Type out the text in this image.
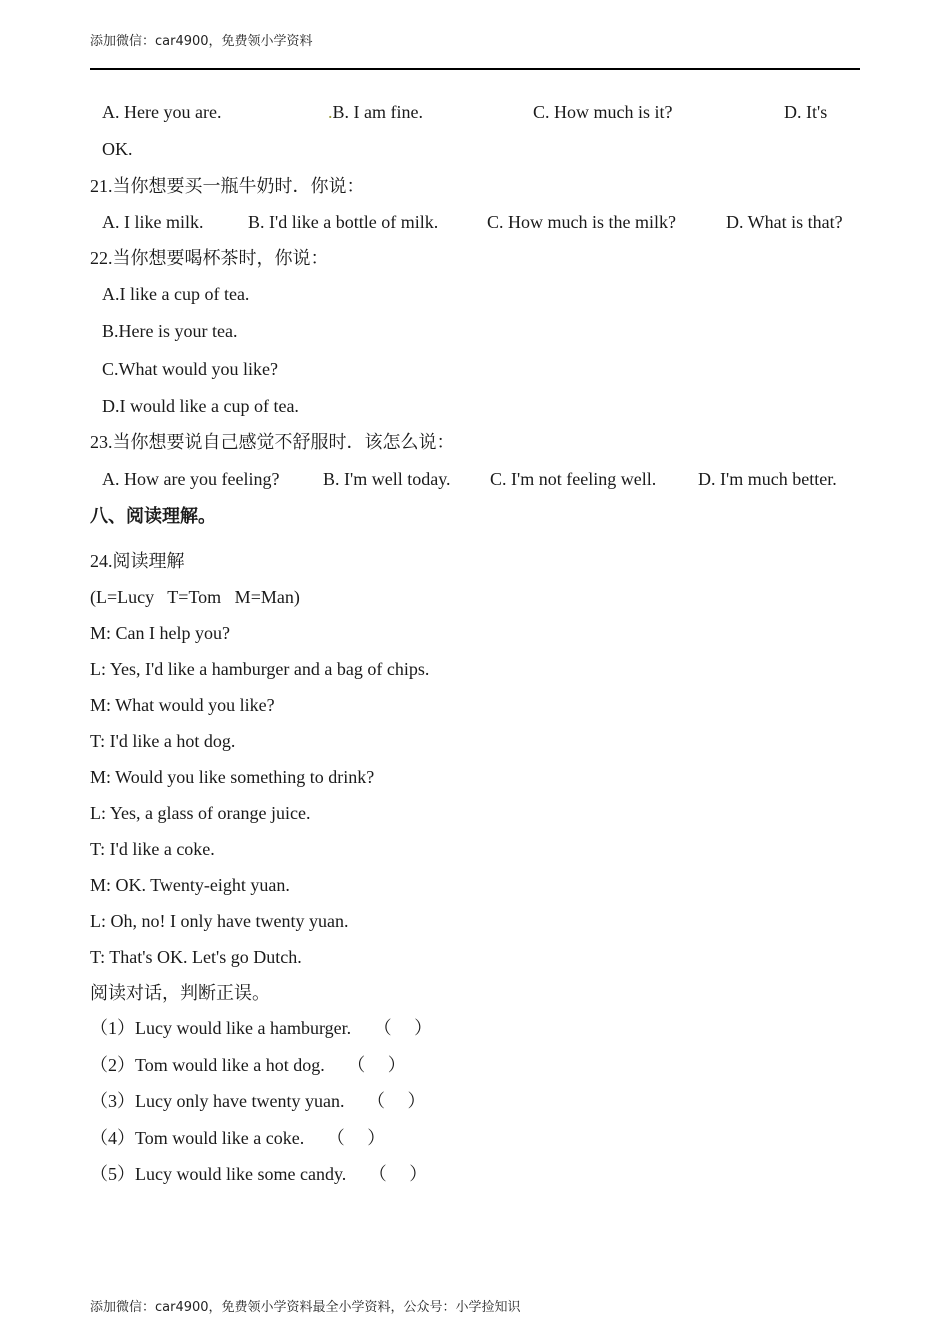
添加微信：car4900，免费领小学资料
A. Here you are.	.B. I am fine.	C. How much is it?	D. It's
OK.
21.当你想要买一瓶牛奶时．你说：
A. I like milk. B. I'd like a bottle of milk.	C. How much is the milk?	D. What is that?
22.当你想要喝杯茶时，你说：
A.I like a cup of tea.
B.Here is your tea.
C.What would you like?
D.I would like a cup of tea.
23.当你想要说自己感觉不舒服时．该怎么说：
A. How are you feeling? B. I'm well today. C. I'm not feeling well. D. I'm much better.
八、阅读理解。
24.阅读理解
(L=Lucy   T=Tom   M=Man)
M: Can I help you?
L: Yes, I'd like a hamburger and a bag of chips.
M: What would you like?
T: I'd like a hot dog.
M: Would you like something to drink?
L: Yes, a glass of orange juice.
T: I'd like a coke.
M: OK. Twenty-eight yuan.
L: Oh, no! I only have twenty yuan.
T: That's OK. Let's go Dutch.
阅读对话，判断正误。
（1）Lucy would like a hamburger.     （     ）
（2）Tom would like a hot dog.     （     ）
（3）Lucy only have twenty yuan.     （     ）
（4）Tom would like a coke.     （     ）
（5）Lucy would like some candy.     （     ）
添加微信：car4900，免费领小学资料最全小学资料，公众号：小学捡知识
